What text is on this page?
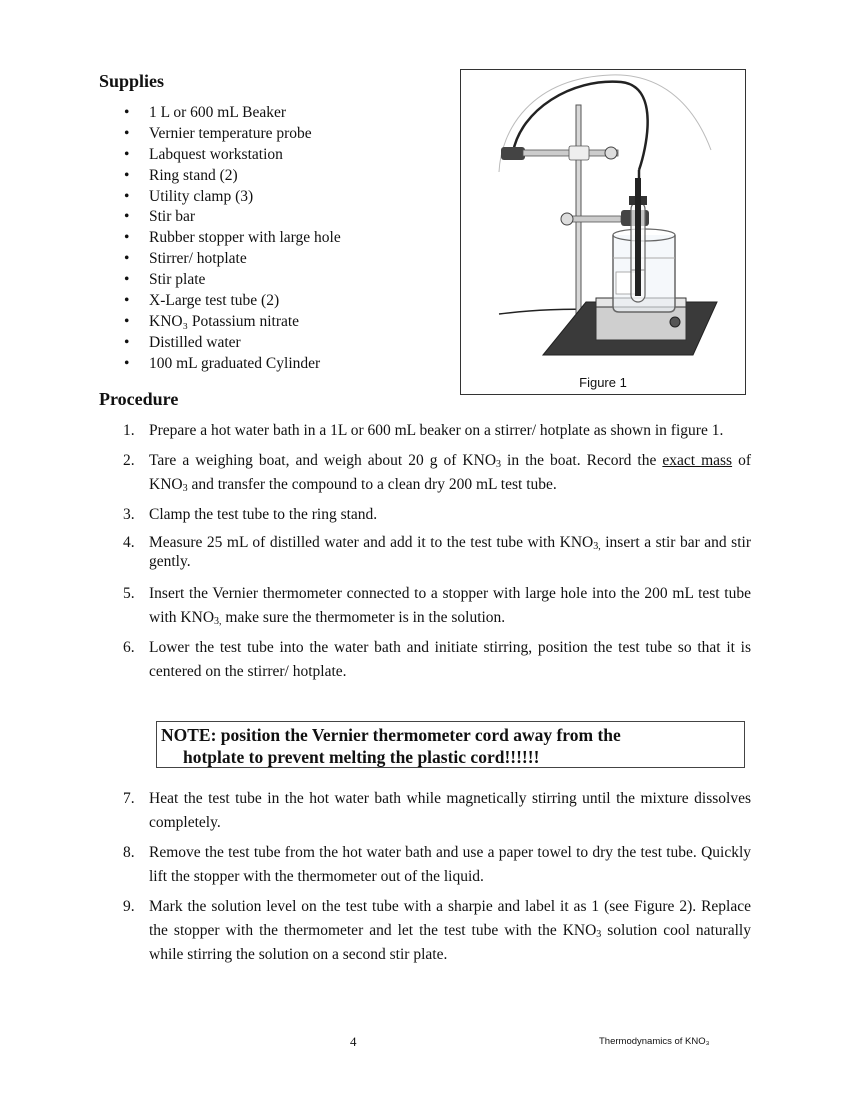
Supplies
• 1 L or 600 mL Beaker
• Vernier temperature probe
• Labquest workstation
• Ring stand (2)
• Utility clamp (3)
• Stir bar
• Rubber stopper with large hole
• Stirrer/ hotplate
• Stir plate
• X-Large test tube (2)
• KNO₃ Potassium nitrate
• Distilled water
• 100 mL graduated Cylinder
Figure 1
Procedure
1. Prepare a hot water bath in a 1L or 600 mL beaker on a stirrer/ hotplate as shown in figure 1.
2. Tare a weighing boat, and weigh about 20 g of $KNO_3$ in the boat. Record the exact mass of $KNO_3$ and transfer the compound to a clean dry 200 mL test tube.
3. Clamp the test tube to the ring stand.
4. Measure 25 mL of distilled water and add it to the test tube with $KNO_{3,}$ insert a stir bar and stir gently.
5. Insert the Vernier thermometer connected to a stopper with large hole into the 200 mL test tube with $KNO_{3,}$ make sure the thermometer is in the solution.
6. Lower the test tube into the water bath and initiate stirring, position the test tube so that it is centered on the stirrer/ hotplate.
NOTE: position the Vernier thermometer cord away from the
hotplate to prevent melting the plastic cord!!!!!!
7. Heat the test tube in the hot water bath while magnetically stirring until the mixture dissolves completely.
8. Remove the test tube from the hot water bath and use a paper towel to dry the test tube. Quickly lift the stopper with the thermometer out of the liquid.
9. Mark the solution level on the test tube with a sharpie and label it as 1 (see Figure 2). Replace the stopper with the thermometer and let the test tube with the $KNO_3$ solution cool naturally while stirring the solution on a second stir plate.
4	Thermodynamics of KNO₃
